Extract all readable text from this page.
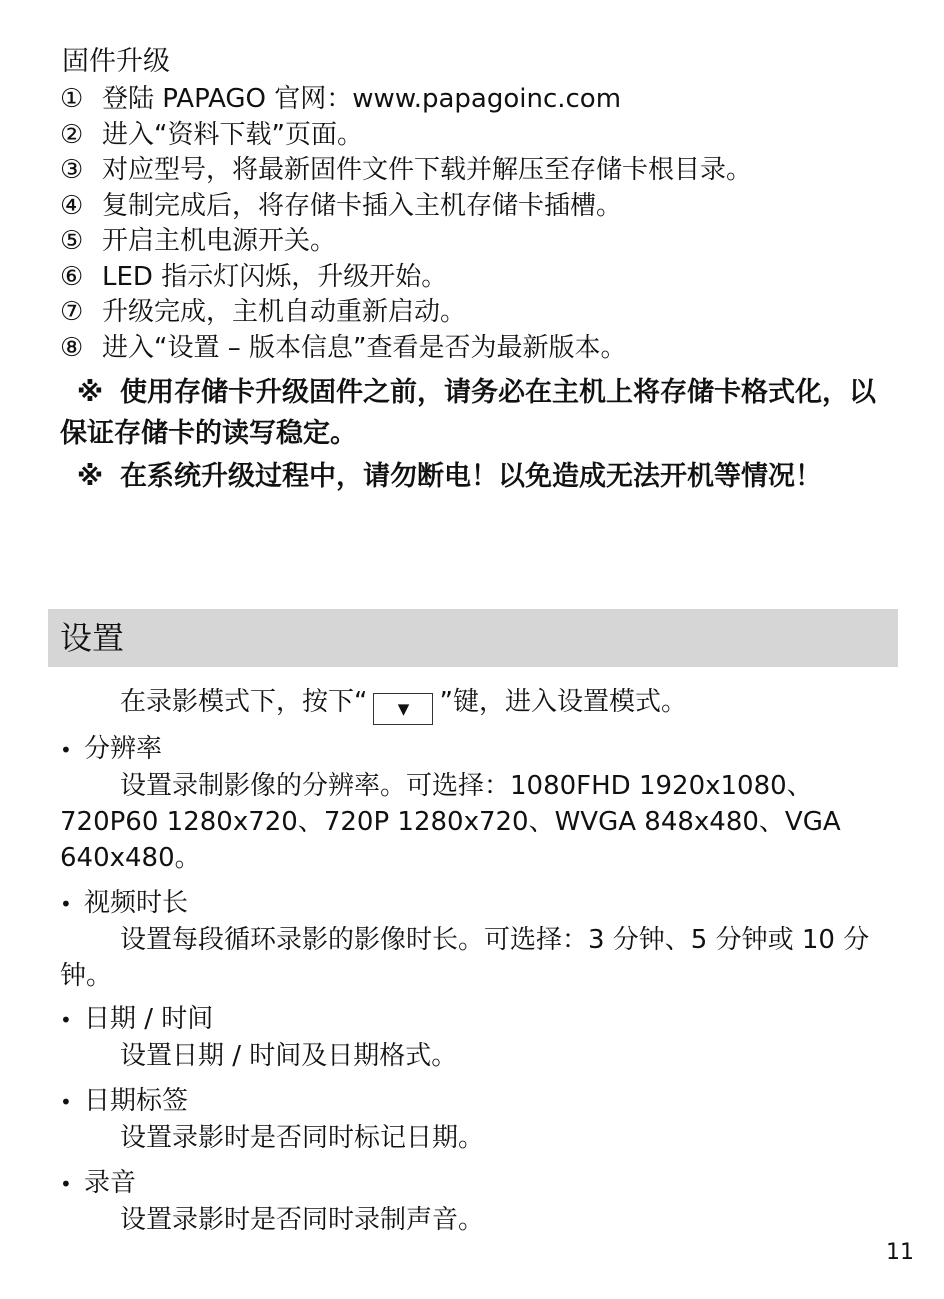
固件升级
① 登陆 PAPAGO 官网：www.papagoinc.com
② 进入“资料下载”页面。
③ 对应型号，将最新固件文件下载并解压至存储卡根目录。
④ 复制完成后，将存储卡插入主机存储卡插槽。
⑤ 开启主机电源开关。
⑥ LED 指示灯闪烁，升级开始。
⑦ 升级完成，主机自动重新启动。
⑧ 进入“设置 – 版本信息”查看是否为最新版本。
※ 使用存储卡升级固件之前，请务必在主机上将存储卡格式化，以保证存储卡的读写稳定。
※ 在系统升级过程中，请勿断电！以免造成无法开机等情况！
设置
在录影模式下，按下“ ▼ ”键，进入设置模式。
• 分辨率
设置录制影像的分辨率。可选择：1080FHD 1920x1080、720P60 1280x720、720P 1280x720、WVGA 848x480、VGA 640x480。
• 视频时长
设置每段循环录影的影像时长。可选择：3 分钟、5 分钟或 10 分钟。
• 日期 / 时间
设置日期 / 时间及日期格式。
• 日期标签
设置录影时是否同时标记日期。
• 录音
设置录影时是否同时录制声音。
11
